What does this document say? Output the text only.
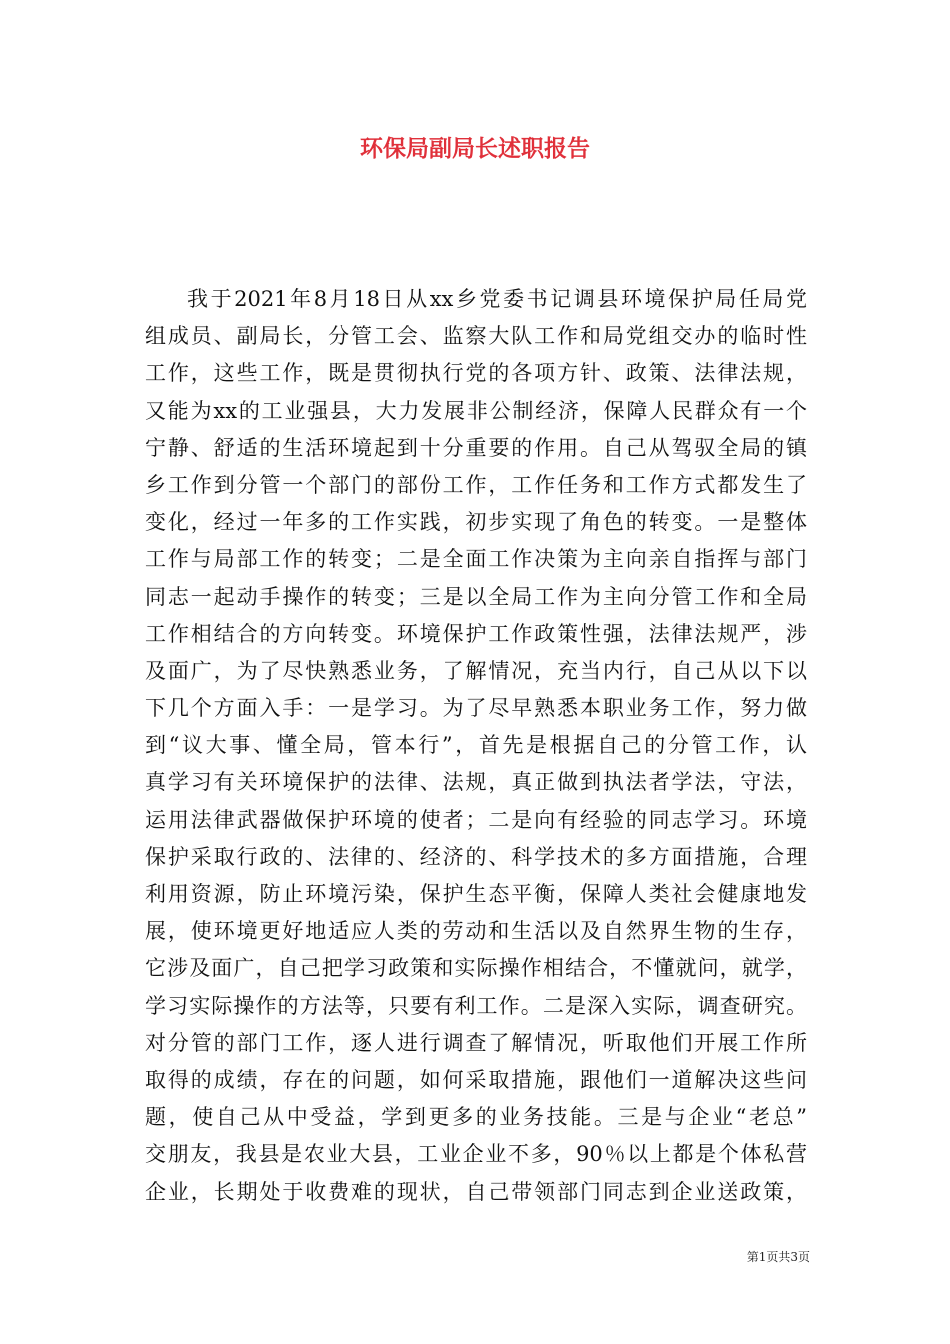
环保局副局长述职报告
我于2021年8月18日从xx乡党委书记调县环境保护局任局党
组成员、副局长，分管工会、监察大队工作和局党组交办的临时性
工作，这些工作，既是贯彻执行党的各项方针、政策、法律法规，
又能为xx的工业强县，大力发展非公制经济，保障人民群众有一个
宁静、舒适的生活环境起到十分重要的作用。自己从驾驭全局的镇
乡工作到分管一个部门的部份工作，工作任务和工作方式都发生了
变化，经过一年多的工作实践，初步实现了角色的转变。一是整体
工作与局部工作的转变；二是全面工作决策为主向亲自指挥与部门
同志一起动手操作的转变；三是以全局工作为主向分管工作和全局
工作相结合的方向转变。环境保护工作政策性强，法律法规严，涉
及面广，为了尽快熟悉业务，了解情况，充当内行，自己从以下以
下几个方面入手：一是学习。为了尽早熟悉本职业务工作，努力做
到“议大事、懂全局，管本行”，首先是根据自己的分管工作，认
真学习有关环境保护的法律、法规，真正做到执法者学法，守法，
运用法律武器做保护环境的使者；二是向有经验的同志学习。环境
保护采取行政的、法律的、经济的、科学技术的多方面措施，合理
利用资源，防止环境污染，保护生态平衡，保障人类社会健康地发
展，使环境更好地适应人类的劳动和生活以及自然界生物的生存，
它涉及面广，自己把学习政策和实际操作相结合，不懂就问，就学，
学习实际操作的方法等，只要有利工作。二是深入实际，调查研究。
对分管的部门工作，逐人进行调查了解情况，听取他们开展工作所
取得的成绩，存在的问题，如何采取措施，跟他们一道解决这些问
题，使自己从中受益，学到更多的业务技能。三是与企业“老总”
交朋友，我县是农业大县，工业企业不多，90％以上都是个体私营
企业，长期处于收费难的现状，自己带领部门同志到企业送政策，
第1页共3页
